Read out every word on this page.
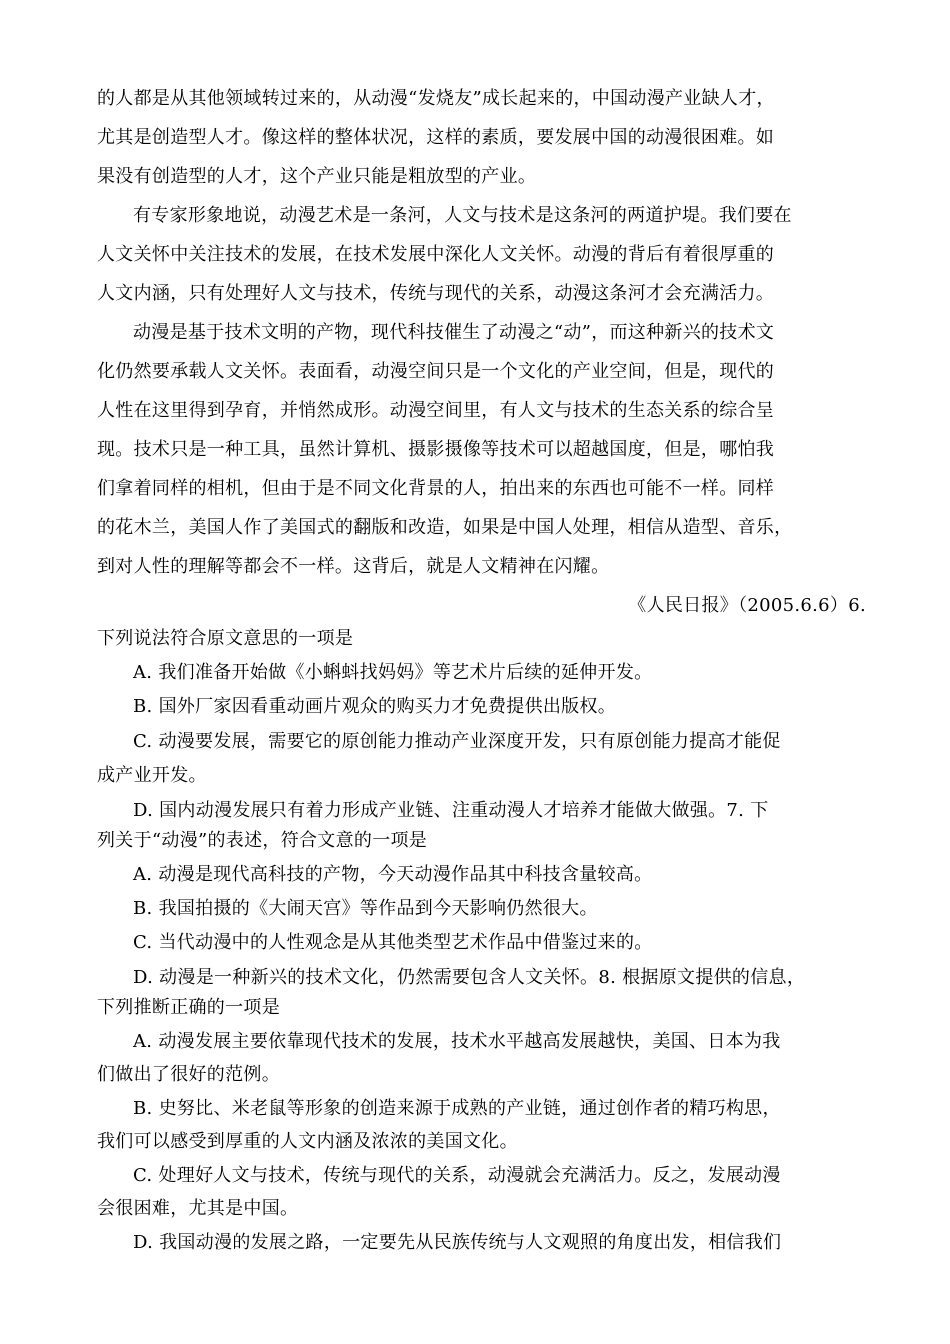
的人都是从其他领域转过来的，从动漫“发烧友”成长起来的，中国动漫产业缺人才，
尤其是创造型人才。像这样的整体状况，这样的素质，要发展中国的动漫很困难。如
果没有创造型的人才，这个产业只能是粗放型的产业。
有专家形象地说，动漫艺术是一条河，人文与技术是这条河的两道护堤。我们要在
人文关怀中关注技术的发展，在技术发展中深化人文关怀。动漫的背后有着很厚重的
人文内涵，只有处理好人文与技术，传统与现代的关系，动漫这条河才会充满活力。
动漫是基于技术文明的产物，现代科技催生了动漫之“动”，而这种新兴的技术文
化仍然要承载人文关怀。表面看，动漫空间只是一个文化的产业空间，但是，现代的
人性在这里得到孕育，并悄然成形。动漫空间里，有人文与技术的生态关系的综合呈
现。技术只是一种工具，虽然计算机、摄影摄像等技术可以超越国度，但是，哪怕我
们拿着同样的相机，但由于是不同文化背景的人，拍出来的东西也可能不一样。同样
的花木兰，美国人作了美国式的翻版和改造，如果是中国人处理，相信从造型、音乐，
到对人性的理解等都会不一样。这背后，就是人文精神在闪耀。
《人民日报》（2005.6.6）6.
下列说法符合原文意思的一项是
A. 我们准备开始做《小蝌蚪找妈妈》等艺术片后续的延伸开发。
B. 国外厂家因看重动画片观众的购买力才免费提供出版权。
C. 动漫要发展，需要它的原创能力推动产业深度开发，只有原创能力提高才能促
成产业开发。
D. 国内动漫发展只有着力形成产业链、注重动漫人才培养才能做大做强。7. 下
列关于“动漫”的表述，符合文意的一项是
A. 动漫是现代高科技的产物，今天动漫作品其中科技含量较高。
B. 我国拍摄的《大闹天宫》等作品到今天影响仍然很大。
C. 当代动漫中的人性观念是从其他类型艺术作品中借鉴过来的。
D. 动漫是一种新兴的技术文化，仍然需要包含人文关怀。8. 根据原文提供的信息，
下列推断正确的一项是
A. 动漫发展主要依靠现代技术的发展，技术水平越高发展越快，美国、日本为我
们做出了很好的范例。
B. 史努比、米老鼠等形象的创造来源于成熟的产业链，通过创作者的精巧构思，
我们可以感受到厚重的人文内涵及浓浓的美国文化。
C. 处理好人文与技术，传统与现代的关系，动漫就会充满活力。反之，发展动漫
会很困难，尤其是中国。
D. 我国动漫的发展之路，一定要先从民族传统与人文观照的角度出发，相信我们
